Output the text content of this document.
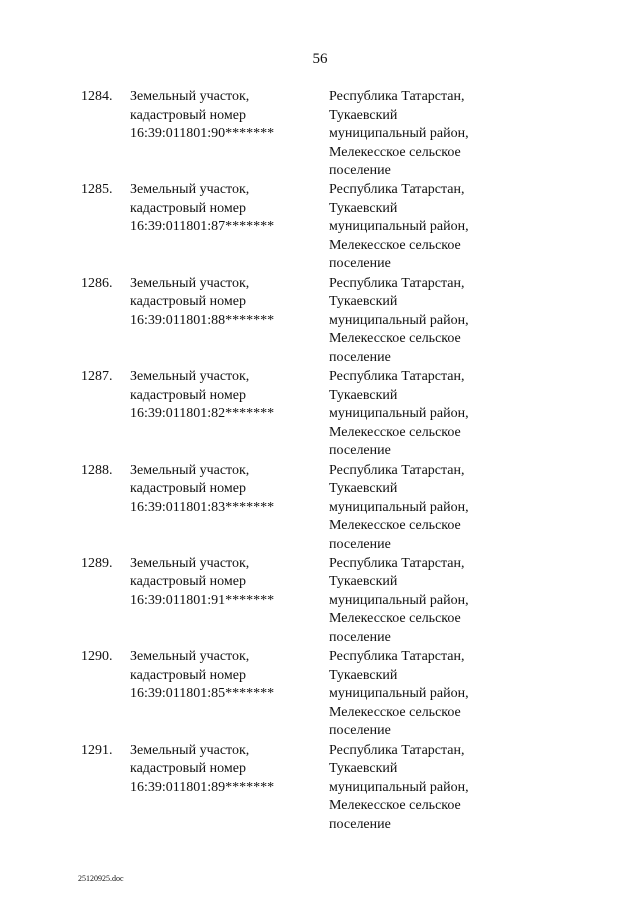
56
1284. Земельный участок,
кадастровый номер
16:39:011801:90*******
Республика Татарстан,
Тукаевский
муниципальный район,
Мелекесское сельское
поселение
1285. Земельный участок,
кадастровый номер
16:39:011801:87*******
Республика Татарстан,
Тукаевский
муниципальный район,
Мелекесское сельское
поселение
1286. Земельный участок,
кадастровый номер
16:39:011801:88*******
Республика Татарстан,
Тукаевский
муниципальный район,
Мелекесское сельское
поселение
1287. Земельный участок,
кадастровый номер
16:39:011801:82*******
Республика Татарстан,
Тукаевский
муниципальный район,
Мелекесское сельское
поселение
1288. Земельный участок,
кадастровый номер
16:39:011801:83*******
Республика Татарстан,
Тукаевский
муниципальный район,
Мелекесское сельское
поселение
1289. Земельный участок,
кадастровый номер
16:39:011801:91*******
Республика Татарстан,
Тукаевский
муниципальный район,
Мелекесское сельское
поселение
1290. Земельный участок,
кадастровый номер
16:39:011801:85*******
Республика Татарстан,
Тукаевский
муниципальный район,
Мелекесское сельское
поселение
1291. Земельный участок,
кадастровый номер
16:39:011801:89*******
Республика Татарстан,
Тукаевский
муниципальный район,
Мелекесское сельское
поселение
25120925.doc
